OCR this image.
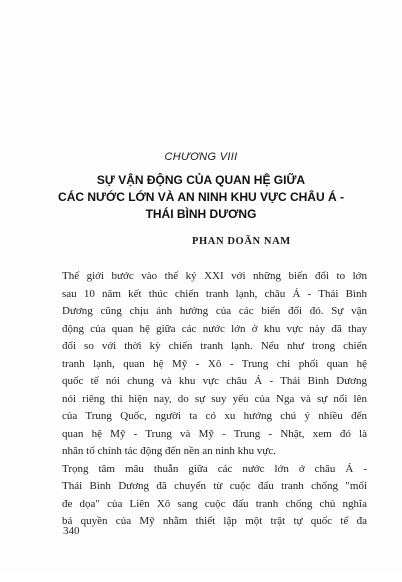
CHƯƠNG VIII
SỰ VẬN ĐỘNG CỦA QUAN HỆ GIỮA
CÁC NƯỚC LỚN VÀ AN NINH KHU VỰC CHÂU Á -
THÁI BÌNH DƯƠNG
PHAN DOÃN NAM
Thế giới bước vào thế kỷ XXI với những biến đổi to lớn
sau 10 năm kết thúc chiến tranh lạnh, châu Á - Thái Bình
Dương cũng chịu ảnh hưởng của các biến đổi đó. Sự vận
động của quan hệ giữa các nước lớn ở khu vực này đã thay
đổi so với thời kỳ chiến tranh lạnh. Nếu như trong chiến
tranh lạnh, quan hệ Mỹ - Xô - Trung chi phối quan hệ
quốc tế nói chung và khu vực châu Á - Thái Bình Dương
nói riêng thì hiện nay, do sự suy yếu của Nga và sự nổi lên
của Trung Quốc, người ta có xu hướng chú ý nhiều đến
quan hệ Mỹ - Trung và Mỹ - Trung - Nhật, xem đó là
nhân tố chính tác động đến nền an ninh khu vực.
Trọng tâm mâu thuẫn giữa các nước lớn ở châu Á -
Thái Bình Dương đã chuyển từ cuộc đấu tranh chống "mối
đe dọa" của Liên Xô sang cuộc đấu tranh chống chủ nghĩa
bá quyền của Mỹ nhằm thiết lập một trật tự quốc tế đa
340
